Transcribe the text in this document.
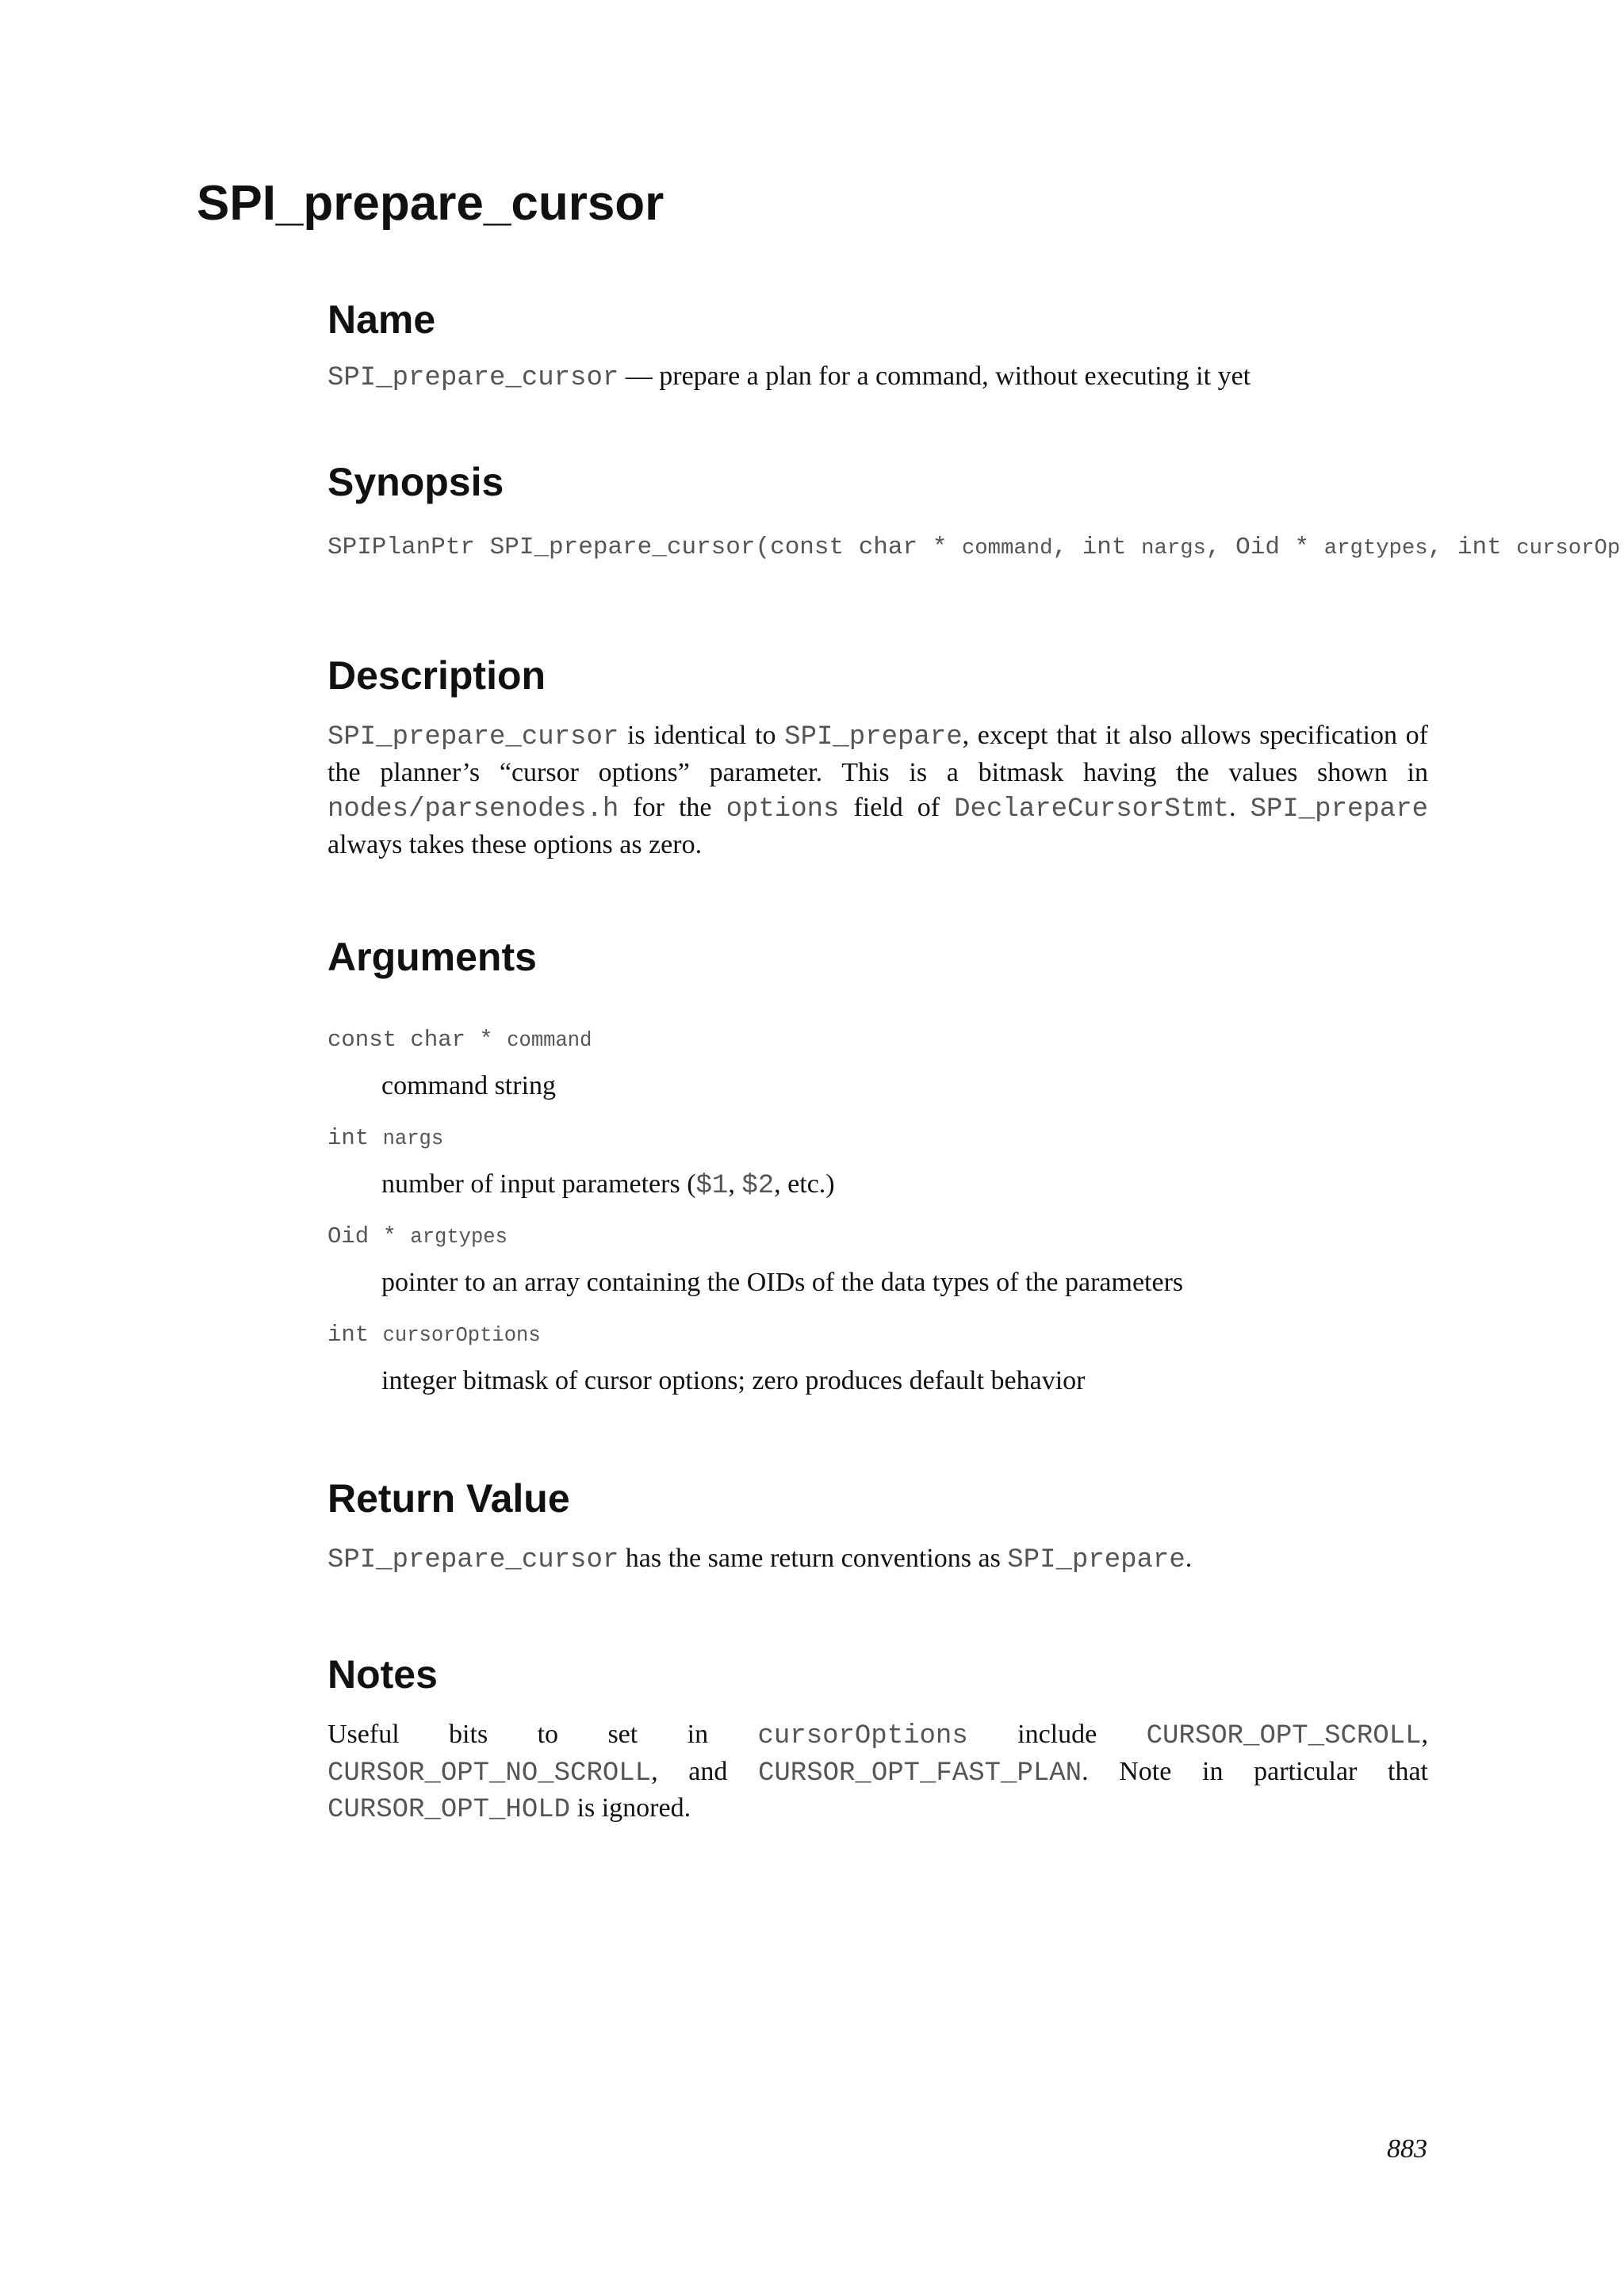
SPI_prepare_cursor
Name

SPI_prepare_cursor — prepare a plan for a command, without executing it yet

Synopsis

SPIPlanPtr SPI_prepare_cursor(const char * command, int nargs, Oid * argtypes, int cursorOp

Description

SPI_prepare_cursor is identical to SPI_prepare, except that it also allows specification of the planner’s “cursor options” parameter. This is a bitmask having the values shown in nodes/parsenodes.h for the options field of DeclareCursorStmt. SPI_prepare always takes these options as zero.

Arguments

const char * command

command string

int nargs

number of input parameters ($1, $2, etc.)

Oid * argtypes

pointer to an array containing the OIDs of the data types of the parameters

int cursorOptions

integer bitmask of cursor options; zero produces default behavior

Return Value

SPI_prepare_cursor has the same return conventions as SPI_prepare.

Notes

Useful bits to set in cursorOptions include CURSOR_OPT_SCROLL, CURSOR_OPT_NO_SCROLL, and CURSOR_OPT_FAST_PLAN. Note in particular that CURSOR_OPT_HOLD is ignored.

883
